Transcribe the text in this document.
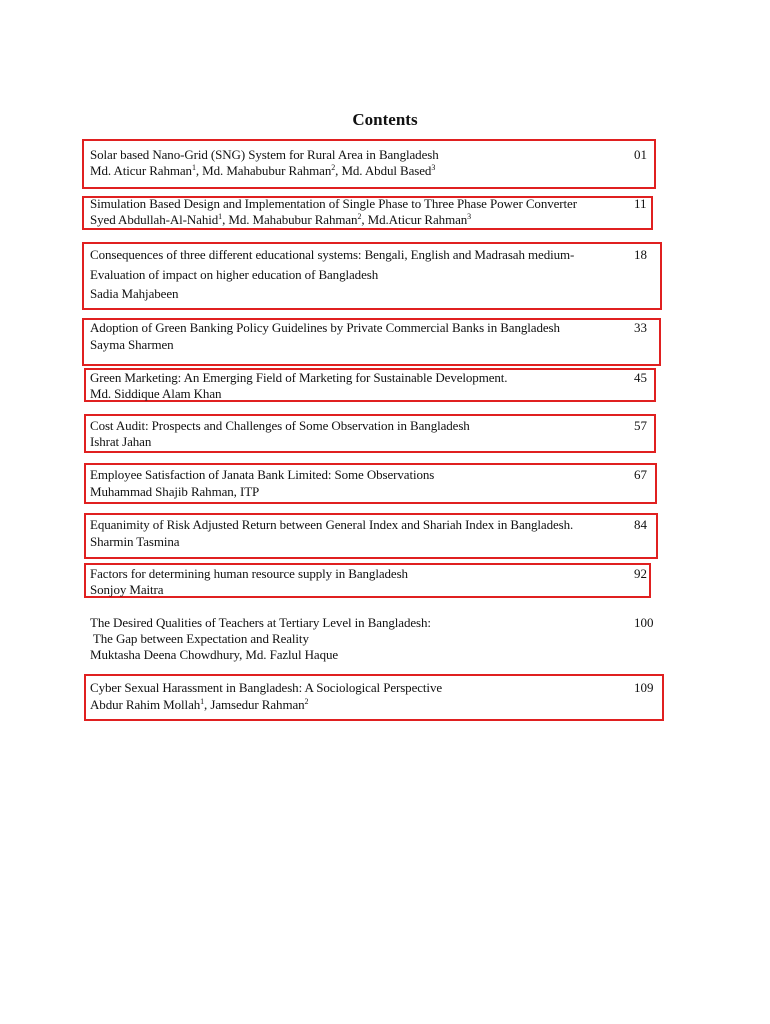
Contents
Solar based Nano-Grid (SNG) System for Rural Area in Bangladesh
Md. Aticur Rahman$^1$, Md. Mahabubur Rahman$^2$, Md. Abdul Based$^3$
01
Simulation Based Design and Implementation of Single Phase to Three Phase Power Converter
Syed Abdullah-Al-Nahid$^1$, Md. Mahabubur Rahman$^2$, Md.Aticur Rahman$^3$
11
Consequences of three different educational systems: Bengali, English and Madrasah medium-
Evaluation of impact on higher education of Bangladesh
Sadia Mahjabeen
18
Adoption of Green Banking Policy Guidelines by Private Commercial Banks in Bangladesh
Sayma Sharmen
33
Green Marketing: An Emerging Field of Marketing for Sustainable Development.
Md. Siddique Alam Khan
45
Cost Audit: Prospects and Challenges of Some Observation in Bangladesh
Ishrat Jahan
57
Employee Satisfaction of Janata Bank Limited: Some Observations
Muhammad Shajib Rahman, ITP
67
Equanimity of Risk Adjusted Return between General Index and Shariah Index in Bangladesh.
Sharmin Tasmina
84
Factors for determining human resource supply in Bangladesh
Sonjoy Maitra
92
The Desired Qualities of Teachers at Tertiary Level in Bangladesh:
The Gap between Expectation and Reality
Muktasha Deena Chowdhury, Md. Fazlul Haque
100
Cyber Sexual Harassment in Bangladesh: A Sociological Perspective
Abdur Rahim Mollah$^1$, Jamsedur Rahman$^2$
109
